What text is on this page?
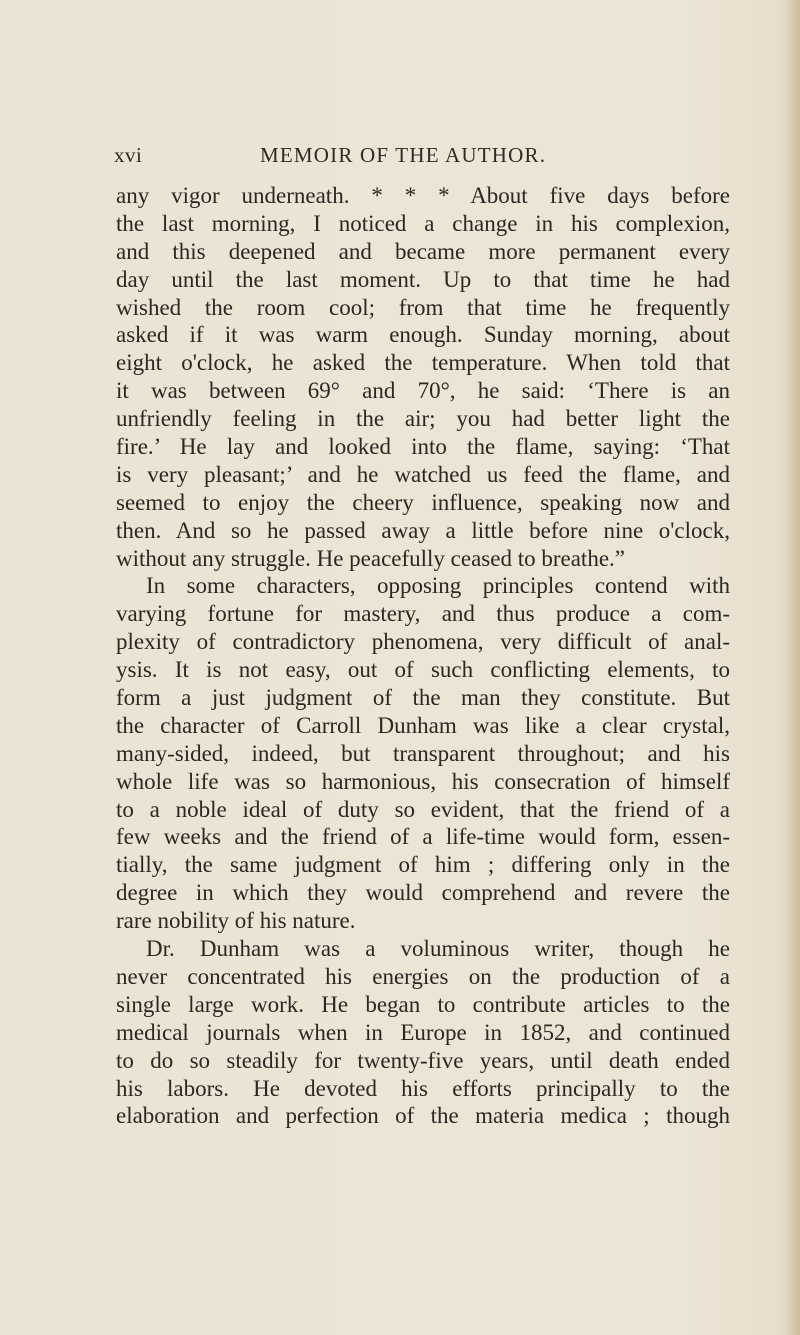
xvi	MEMOIR OF THE AUTHOR.
any vigor underneath. * * * About five days before
the last morning, I noticed a change in his complexion,
and this deepened and became more permanent every
day until the last moment. Up to that time he had
wished the room cool; from that time he frequently
asked if it was warm enough. Sunday morning, about
eight o'clock, he asked the temperature. When told that
it was between 69° and 70°, he said: ‘There is an
unfriendly feeling in the air; you had better light the
fire.’ He lay and looked into the flame, saying: ‘That
is very pleasant;’ and he watched us feed the flame, and
seemed to enjoy the cheery influence, speaking now and
then. And so he passed away a little before nine o'clock,
without any struggle. He peacefully ceased to breathe.”
In some characters, opposing principles contend with
varying fortune for mastery, and thus produce a com-
plexity of contradictory phenomena, very difficult of anal-
ysis. It is not easy, out of such conflicting elements, to
form a just judgment of the man they constitute. But
the character of Carroll Dunham was like a clear crystal,
many-sided, indeed, but transparent throughout; and his
whole life was so harmonious, his consecration of himself
to a noble ideal of duty so evident, that the friend of a
few weeks and the friend of a life-time would form, essen-
tially, the same judgment of him ; differing only in the
degree in which they would comprehend and revere the
rare nobility of his nature.
Dr. Dunham was a voluminous writer, though he
never concentrated his energies on the production of a
single large work. He began to contribute articles to the
medical journals when in Europe in 1852, and continued
to do so steadily for twenty-five years, until death ended
his labors. He devoted his efforts principally to the
elaboration and perfection of the materia medica ; though
